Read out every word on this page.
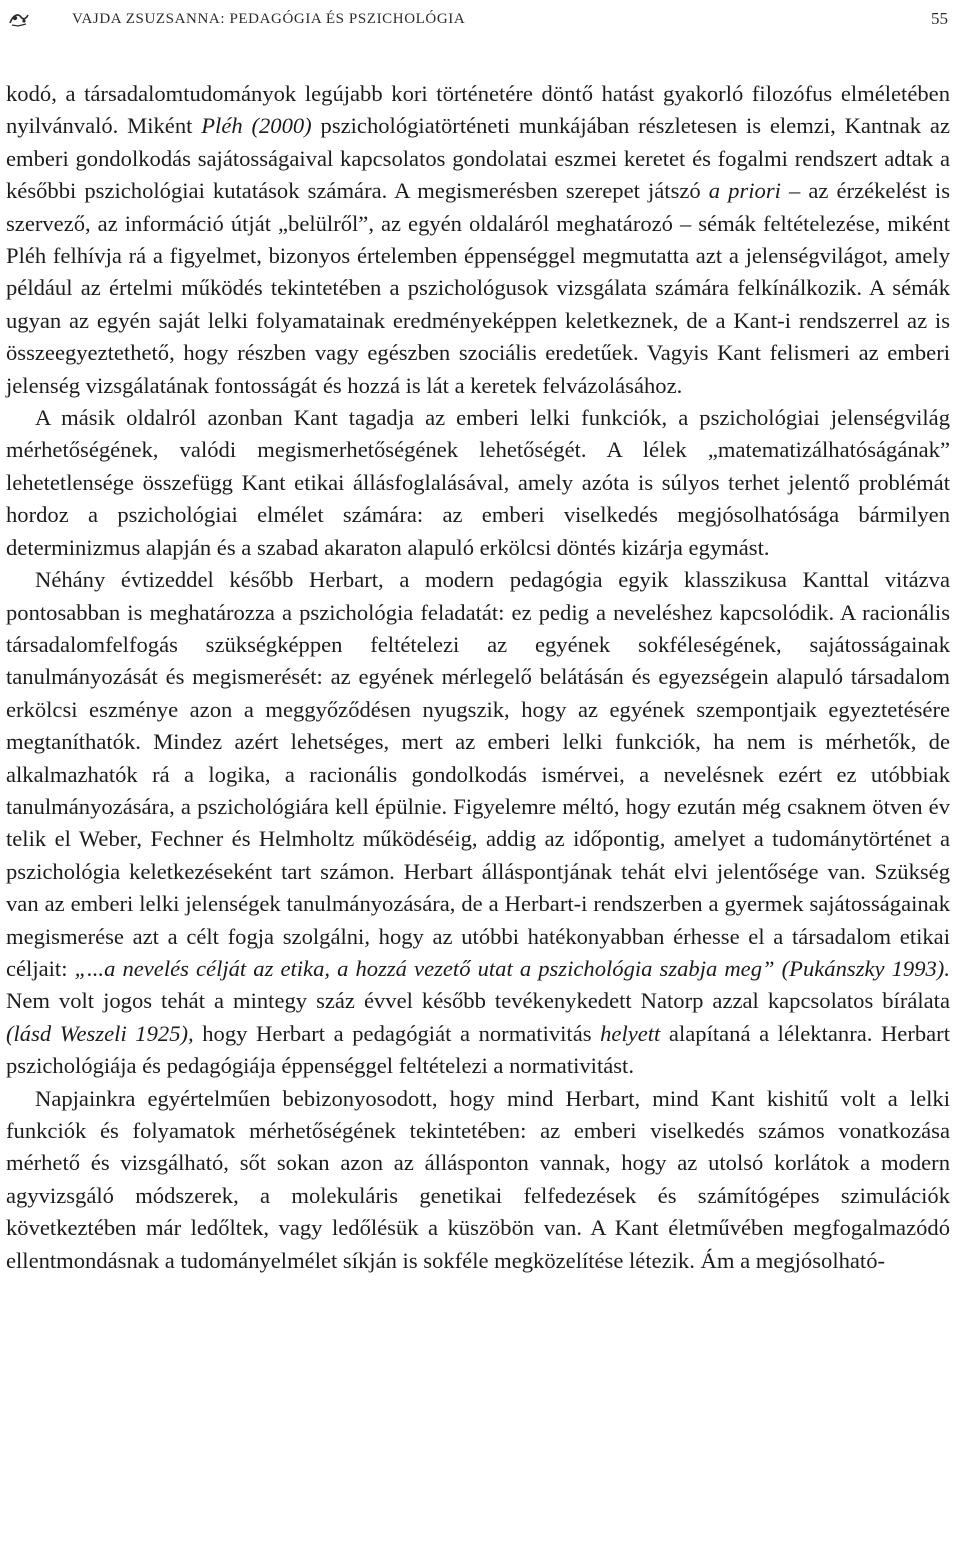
VAJDA ZSUZSANNA: PEDAGÓGIA ÉS PSZICHOLÓGIA	55

kodó, a társadalomtudományok legújabb kori történetére döntő hatást gyakorló filozófus elméletében nyilvánvaló. Miként Pléh (2000) pszichológiatörténeti munkájában részletesen is elemzi, Kantnak az emberi gondolkodás sajátosságaival kapcsolatos gondolatai eszmei keretet és fogalmi rendszert adtak a későbbi pszichológiai kutatások számára. A megismerésben szerepet játszó a priori – az érzékelést is szervező, az információ útját „belülről”, az egyén oldaláról meghatározó – sémák feltételezése, miként Pléh felhívja rá a figyelmet, bizonyos értelemben éppenséggel megmutatta azt a jelenségvilágot, amely például az értelmi működés tekintetében a pszichológusok vizsgálata számára felkínálkozik. A sémák ugyan az egyén saját lelki folyamatainak eredményeképpen keletkeznek, de a Kant-i rendszerrel az is összeegyeztethető, hogy részben vagy egészben szociális eredetűek. Vagyis Kant felismeri az emberi jelenség vizsgálatának fontosságát és hozzá is lát a keretek felvázolásához.

A másik oldalról azonban Kant tagadja az emberi lelki funkciók, a pszichológiai jelenségvilág mérhetőségének, valódi megismerhetőségének lehetőségét. A lélek „matematizálhatóságának” lehetetlensége összefügg Kant etikai állásfoglalásával, amely azóta is súlyos terhet jelentő problémát hordoz a pszichológiai elmélet számára: az emberi viselkedés megjósolhatósága bármilyen determinizmus alapján és a szabad akaraton alapuló erkölcsi döntés kizárja egymást.

Néhány évtizeddel később Herbart, a modern pedagógia egyik klasszikusa Kanttal vitázva pontosabban is meghatározza a pszichológia feladatát: ez pedig a neveléshez kapcsolódik. A racionális társadalomfelfogás szükségképpen feltételezi az egyének sokféleségének, sajátosságainak tanulmányozását és megismerését: az egyének mérlegelő belátásán és egyezségein alapuló társadalom erkölcsi eszménye azon a meggyőződésen nyugszik, hogy az egyének szempontjaik egyeztetésére megtaníthatók. Mindez azért lehetséges, mert az emberi lelki funkciók, ha nem is mérhetők, de alkalmazhatók rá a logika, a racionális gondolkodás ismérvei, a nevelésnek ezért ez utóbbiak tanulmányozására, a pszichológiára kell épülnie. Figyelemre méltó, hogy ezután még csaknem ötven év telik el Weber, Fechner és Helmholtz működéséig, addig az időpontig, amelyet a tudománytörténet a pszichológia keletkezéseként tart számon. Herbart álláspontjának tehát elvi jelentősége van. Szükség van az emberi lelki jelenségek tanulmányozására, de a Herbart-i rendszerben a gyermek sajátosságainak megismerése azt a célt fogja szolgálni, hogy az utóbbi hatékonyabban érhesse el a társadalom etikai céljait: „...a nevelés célját az etika, a hozzá vezető utat a pszichológia szabja meg” (Pukánszky 1993). Nem volt jogos tehát a mintegy száz évvel később tevékenykedett Natorp azzal kapcsolatos bírálata (lásd Weszeli 1925), hogy Herbart a pedagógiát a normativitás helyett alapítaná a lélektanra. Herbart pszichológiája és pedagógiája éppenséggel feltételezi a normativitást.

Napjainkra egyértelműen bebizonyosodott, hogy mind Herbart, mind Kant kishitű volt a lelki funkciók és folyamatok mérhetőségének tekintetében: az emberi viselkedés számos vonatkozása mérhető és vizsgálható, sőt sokan azon az állásponton vannak, hogy az utolsó korlátok a modern agyvizsgáló módszerek, a molekuláris genetikai felfedezések és számítógépes szimulációk következtében már ledőltek, vagy ledőlésük a küszöbön van. A Kant életművében megfogalmazódó ellentmondásnak a tudományelmélet síkján is sokféle megközelítése létezik. Ám a megjósolható-
